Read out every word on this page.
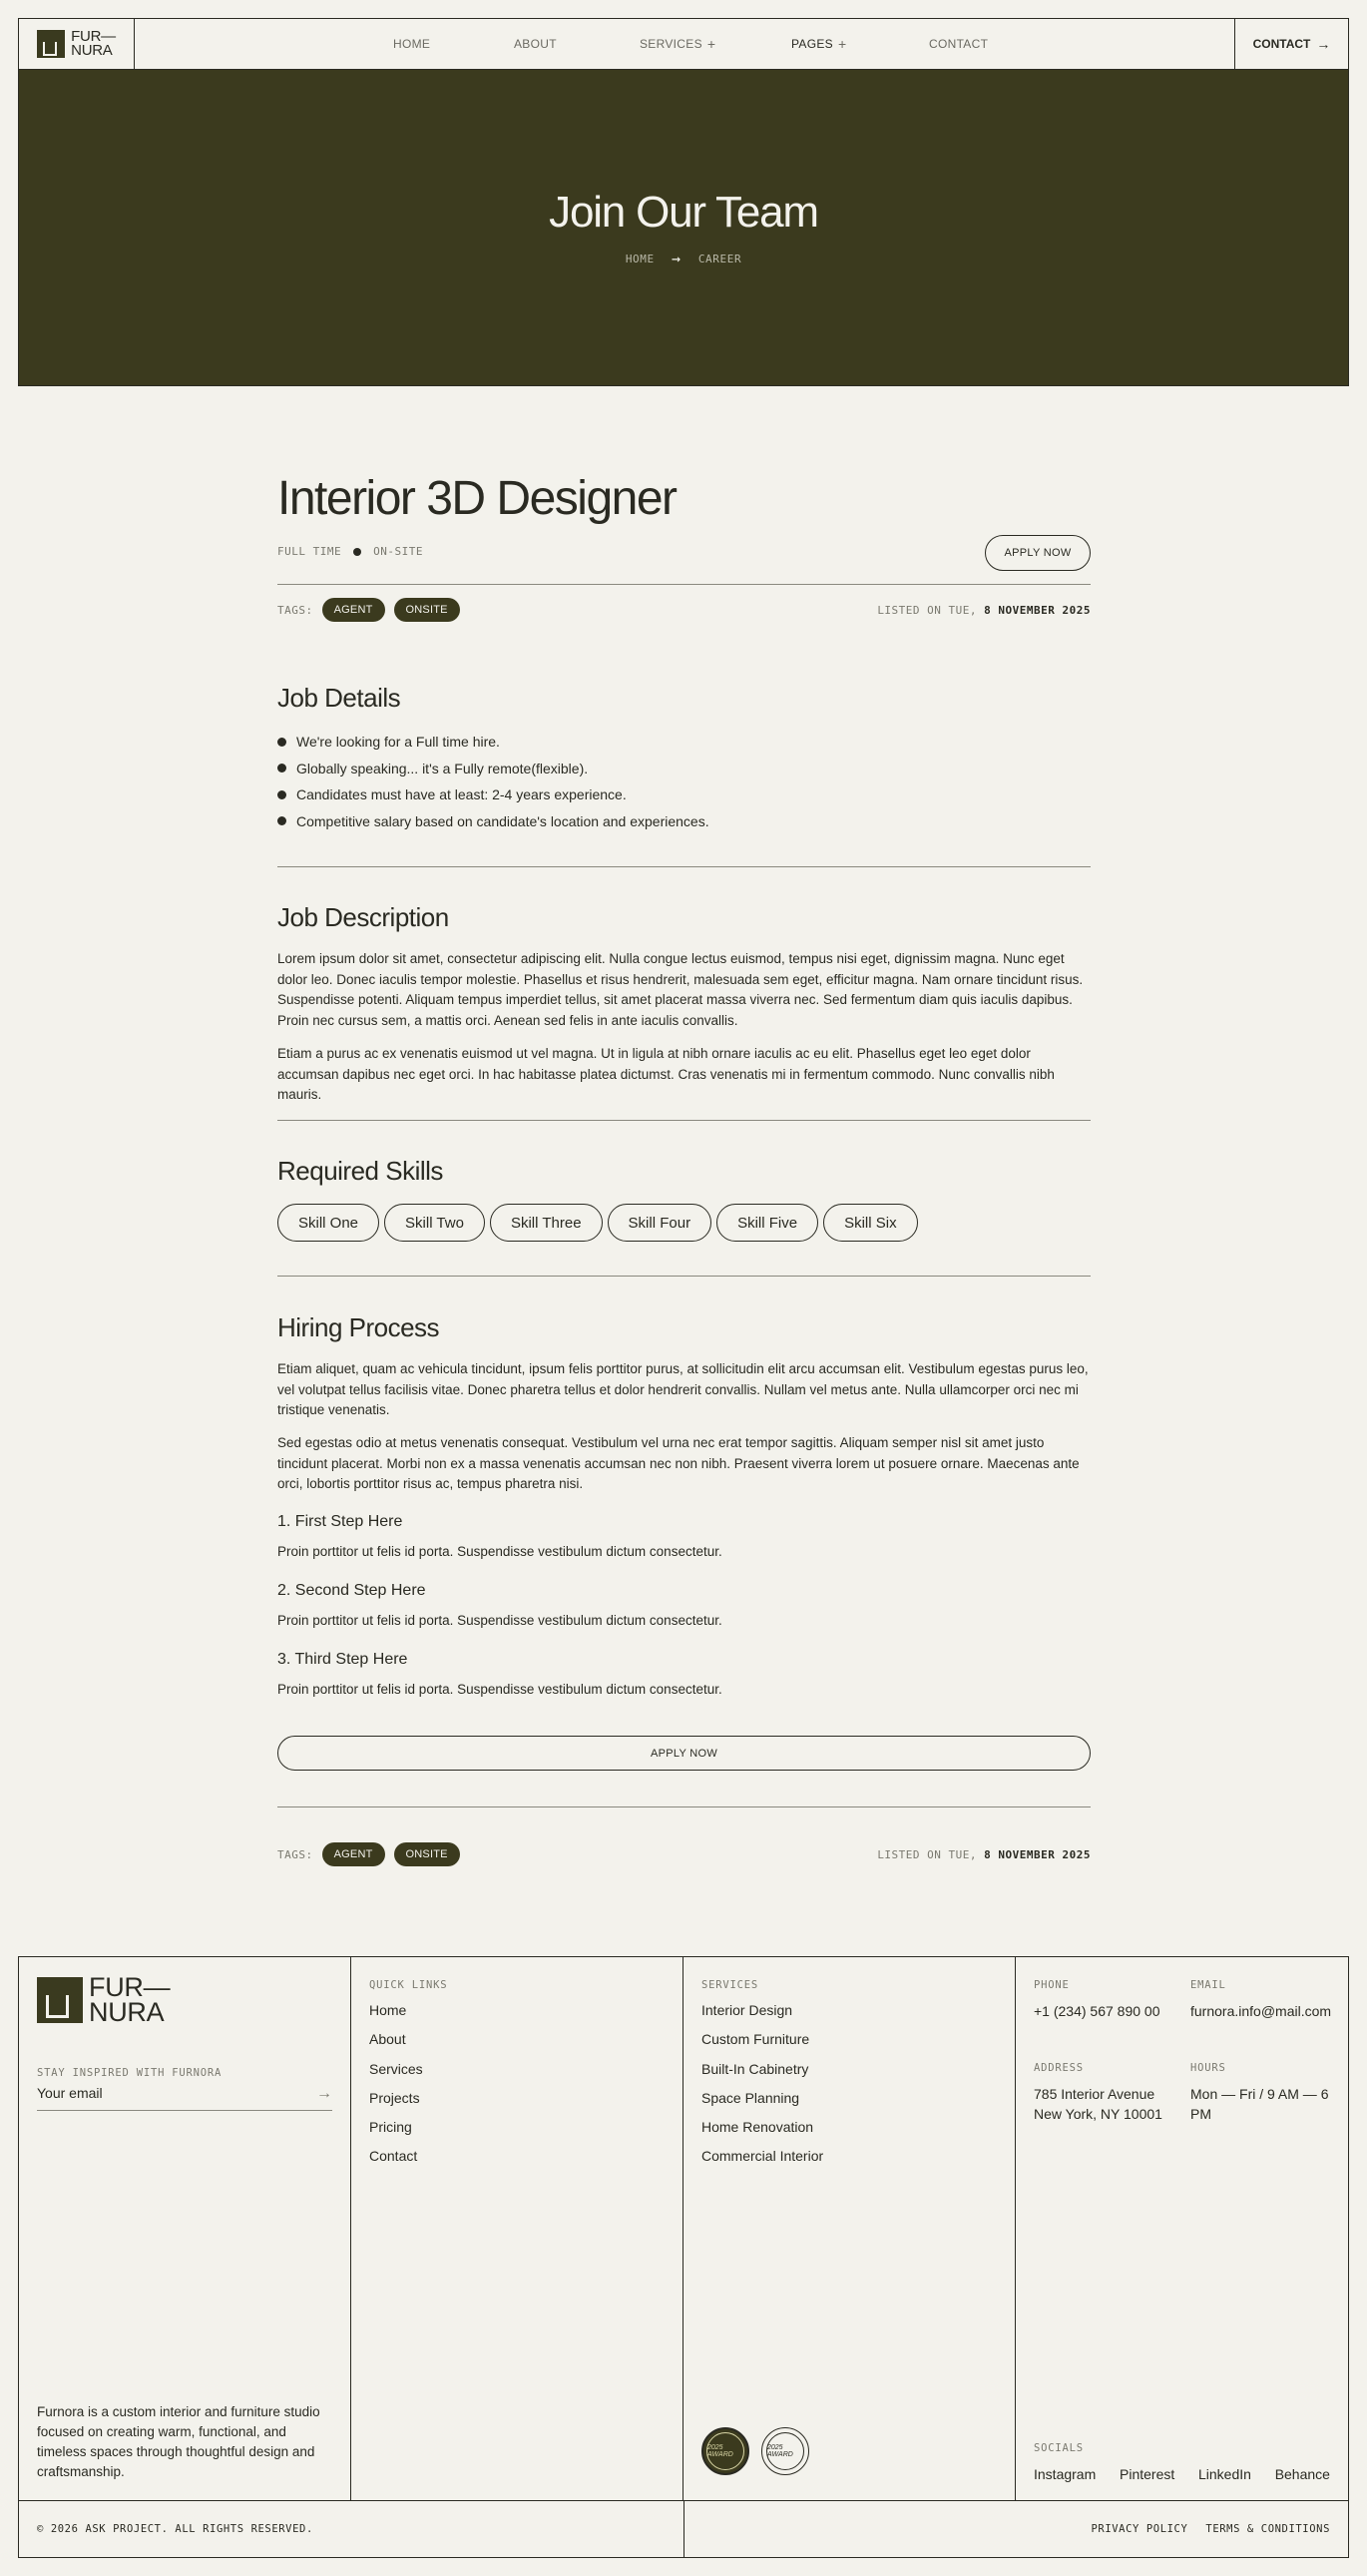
FUR—
NURA	HOME	ABOUT	SERVICES +	PAGES +	CONTACT	CONTACT →
Join Our Team
HOME → CAREER
Interior 3D Designer
FULL TIME	ON-SITE	APPLY NOW
TAGS:	AGENT	ONSITE	LISTED ON TUE, 8 NOVEMBER 2025
Job Details
We're looking for a Full time hire.
Globally speaking... it's a Fully remote(flexible).
Candidates must have at least: 2-4 years experience.
Competitive salary based on candidate's location and experiences.
Job Description

Lorem ipsum dolor sit amet, consectetur adipiscing elit. Nulla congue lectus euismod, tempus nisi eget, dignissim magna. Nunc eget dolor leo. Donec iaculis tempor molestie. Phasellus et risus hendrerit, malesuada sem eget, efficitur magna. Nam ornare tincidunt risus. Suspendisse potenti. Aliquam tempus imperdiet tellus, sit amet placerat massa viverra nec. Sed fermentum diam quis iaculis dapibus. Proin nec cursus sem, a mattis orci. Aenean sed felis in ante iaculis convallis.

Etiam a purus ac ex venenatis euismod ut vel magna. Ut in ligula at nibh ornare iaculis ac eu elit. Phasellus eget leo eget dolor accumsan dapibus nec eget orci. In hac habitasse platea dictumst. Cras venenatis mi in fermentum commodo. Nunc convallis nibh mauris.

Required Skills
Skill One	Skill Two	Skill Three	Skill Four	Skill Five	Skill Six
Hiring Process

Etiam aliquet, quam ac vehicula tincidunt, ipsum felis porttitor purus, at sollicitudin elit arcu accumsan elit. Vestibulum egestas purus leo, vel volutpat tellus facilisis vitae. Donec pharetra tellus et dolor hendrerit convallis. Nullam vel metus ante. Nulla ullamcorper orci nec mi tristique venenatis.

Sed egestas odio at metus venenatis consequat. Vestibulum vel urna nec erat tempor sagittis. Aliquam semper nisl sit amet justo tincidunt placerat. Morbi non ex a massa venenatis accumsan nec non nibh. Praesent viverra lorem ut posuere ornare. Maecenas ante orci, lobortis porttitor risus ac, tempus pharetra nisi.

1. First Step Here
Proin porttitor ut felis id porta. Suspendisse vestibulum dictum consectetur.
2. Second Step Here
Proin porttitor ut felis id porta. Suspendisse vestibulum dictum consectetur.
3. Third Step Here
Proin porttitor ut felis id porta. Suspendisse vestibulum dictum consectetur.
APPLY NOW
TAGS:	AGENT	ONSITE	LISTED ON TUE, 8 NOVEMBER 2025
FUR—
NURA
STAY INSPIRED WITH FURNORA
Your email	→

Furnora is a custom interior and furniture studio focused on creating warm, functional, and timeless spaces through thoughtful design and craftsmanship.

QUICK LINKS
Home
About
Services
Projects
Pricing
Contact
SERVICES
Interior Design
Custom Furniture
Built-In Cabinetry
Space Planning
Home Renovation
Commercial Interior
2025 AWARD
2025 AWARD
PHONE
+1 (234) 567 890 00
EMAIL
furnora.info@mail.com
ADDRESS
785 Interior Avenue
New York, NY 10001
HOURS
Mon — Fri / 9 AM — 6 PM
SOCIALS
Instagram Pinterest LinkedIn Behance
© 2026 ASK PROJECT. ALL RIGHTS RESERVED.	PRIVACY POLICY TERMS & CONDITIONS
